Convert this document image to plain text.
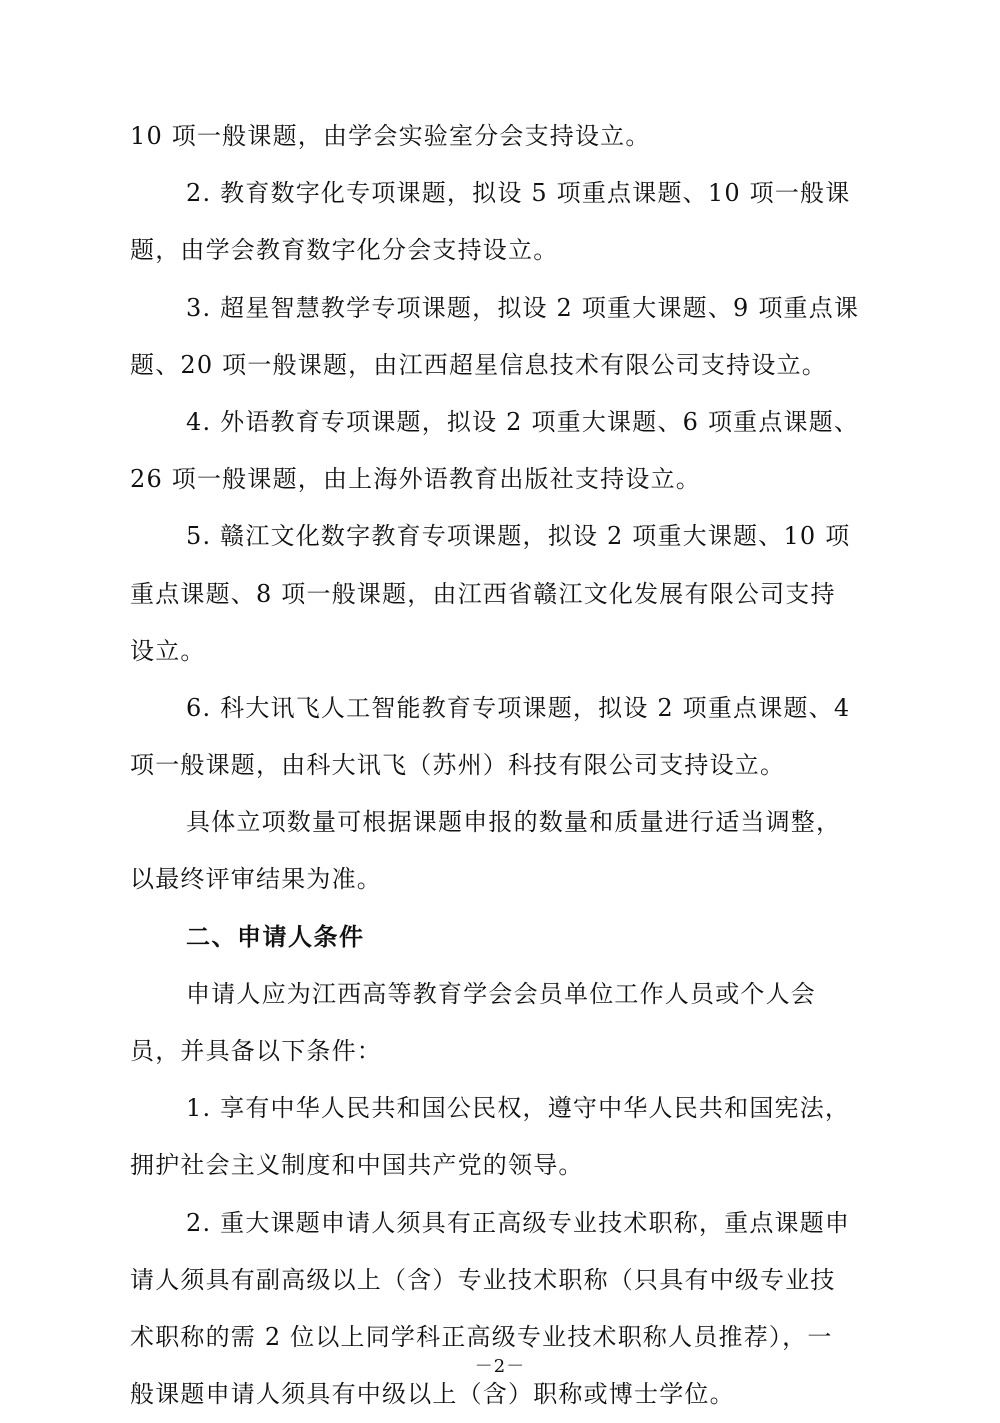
10 项一般课题，由学会实验室分会支持设立。
2. 教育数字化专项课题，拟设 5 项重点课题、10 项一般课
题，由学会教育数字化分会支持设立。
3. 超星智慧教学专项课题，拟设 2 项重大课题、9 项重点课
题、20 项一般课题，由江西超星信息技术有限公司支持设立。
4. 外语教育专项课题，拟设 2 项重大课题、6 项重点课题、
26 项一般课题，由上海外语教育出版社支持设立。
5. 赣江文化数字教育专项课题，拟设 2 项重大课题、10 项
重点课题、8 项一般课题，由江西省赣江文化发展有限公司支持
设立。
6. 科大讯飞人工智能教育专项课题，拟设 2 项重点课题、4
项一般课题，由科大讯飞（苏州）科技有限公司支持设立。
具体立项数量可根据课题申报的数量和质量进行适当调整，
以最终评审结果为准。
二、申请人条件
申请人应为江西高等教育学会会员单位工作人员或个人会
员，并具备以下条件：
1. 享有中华人民共和国公民权，遵守中华人民共和国宪法，
拥护社会主义制度和中国共产党的领导。
2. 重大课题申请人须具有正高级专业技术职称，重点课题申
请人须具有副高级以上（含）专业技术职称（只具有中级专业技
术职称的需 2 位以上同学科正高级专业技术职称人员推荐），一
般课题申请人须具有中级以上（含）职称或博士学位。
－2－
